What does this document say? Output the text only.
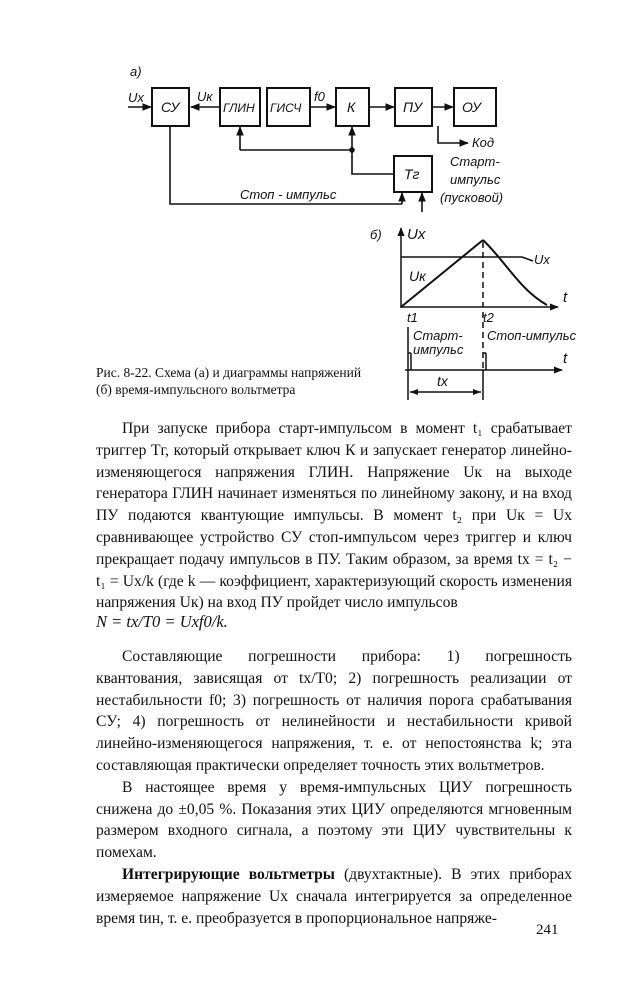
а)
Uх	Uк	f0
СУ	ГЛИН ГИСЧ	К	ПУ	ОУ
Тг
Код
Стоп - импульс
Старт-
импульс
(пусковой)
б) Ux
Ux
Uк
t
t1	t2
Старт-
импульс
Стоп-импульс
t
tx
Рис. 8-22. Схема (а) и диаграммы напряжений (б) время-импульсного вольтметра

При запуске прибора старт-импульсом в момент t₁ срабатывает триггер Тг, который открывает ключ К и запускает генератор линейно-изменяющегося напряжения ГЛИН. Напряжение Uк на выходе генератора ГЛИН начинает изменяться по линейному закону, и на вход ПУ подаются квантующие импульсы. В момент t₂ при Uк = Ux сравнивающее устройство СУ стоп-импульсом через триггер и ключ прекращает подачу импульсов в ПУ. Таким образом, за время tx = t₂ − t₁ = Ux/k (где k — коэффициент, характеризующий скорость изменения напряжения Uк) на вход ПУ пройдет число импульсов

N = tx/T0 = Uxf0/k.

Составляющие погрешности прибора: 1) погрешность квантования, зависящая от tx/T0; 2) погрешность реализации от нестабильности f0; 3) погрешность от наличия порога срабатывания СУ; 4) погрешность от нелинейности и нестабильности кривой линейно-изменяющегося напряжения, т. е. от непостоянства k; эта составляющая практически определяет точность этих вольтметров.

В настоящее время у время-импульсных ЦИУ погрешность снижена до ±0,05 %. Показания этих ЦИУ определяются мгновенным размером входного сигнала, а поэтому эти ЦИУ чувствительны к помехам.

Интегрирующие вольтметры (двухтактные). В этих приборах измеряемое напряжение Ux сначала интегрируется за определенное время tин, т. е. преобразуется в пропорциональное напряже-

241
